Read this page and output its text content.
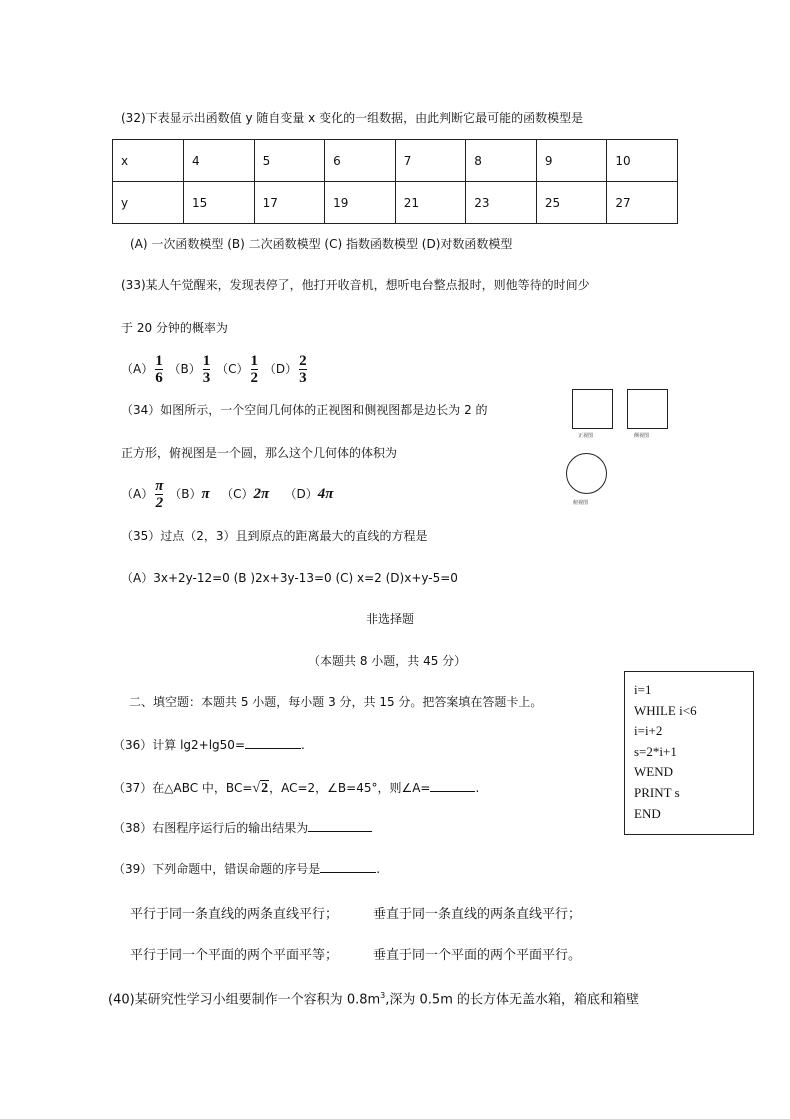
(32)下表显示出函数值 y 随自变量 x 变化的一组数据，由此判断它最可能的函数模型是
x	4	5	6	7	8	9	10
y	15	17	19	21	23	25	27
(A) 一次函数模型 (B) 二次函数模型 (C) 指数函数模型 (D)对数函数模型
(33)某人午觉醒来，发现表停了，他打开收音机，想听电台整点报时，则他等待的时间少
于 20 分钟的概率为
$(A) \frac{1}{6} (B) \frac{1}{3} (C) \frac{1}{2} (D) \frac{2}{3}$
（34）如图所示，一个空间几何体的正视图和侧视图都是边长为 2 的
正方形，俯视图是一个圆，那么这个几何体的体积为
$(A) \frac{\pi}{2} (B)\pi$ （C）2π （D）4π
正视图	侧视图
俯视图
（35）过点（2，3）且到原点的距离最大的直线的方程是
（A）3x+2y-12=0 (B )2x+3y-13=0 (C) x=2 (D)x+y-5=0
非选择题
（本题共 8 小题，共 45 分）
二、填空题：本题共 5 小题，每小题 3 分，共 15 分。把答案填在答题卡上。
i=1
WHILE i<6
i=i+2
s=2*i+1
WEND
PRINT s
END
（36）计算 lg2+lg50=	.
（37）在△ABC 中，BC=√2，AC=2，∠B=45°，则∠A=	.
（38）右图程序运行后的输出结果为
（39）下列命题中，错误命题的序号是	.
平行于同一条直线的两条直线平行；	垂直于同一条直线的两条直线平行；
平行于同一个平面的两个平面平等；	垂直于同一个平面的两个平面平行。
(40)某研究性学习小组要制作一个容积为 $0.8m^3$,深为 0.5m 的长方体无盖水箱，箱底和箱壁
